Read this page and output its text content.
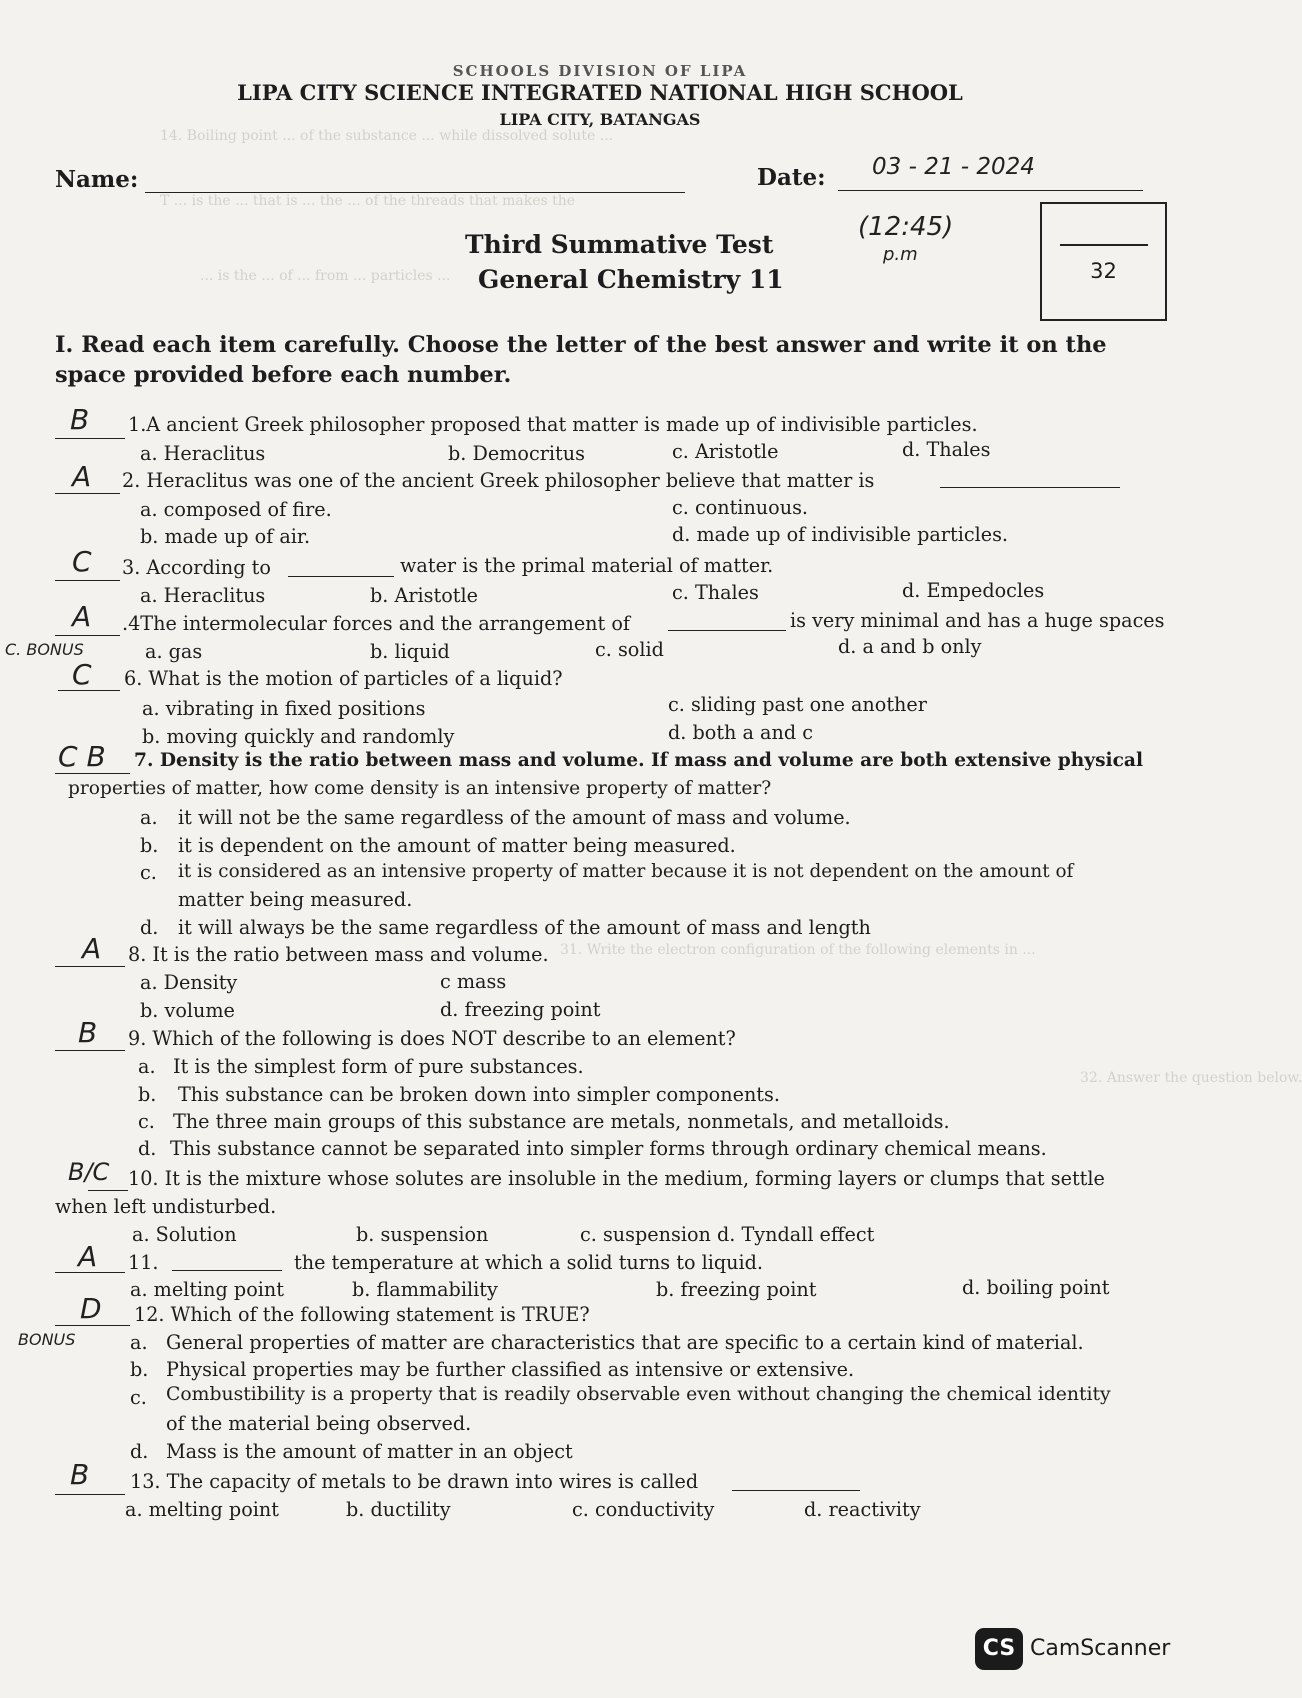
14. Boiling point ... of the substance ... while dissolved solute ...
T ... is the ... that is ... the ... of the threads that makes the
... is the ... of ... from ... particles ...
31. Write the electron configuration of the following elements in ...
32. Answer the question below.
SCHOOLS DIVISION OF LIPA
LIPA CITY SCIENCE INTEGRATED NATIONAL HIGH SCHOOL
LIPA CITY, BATANGAS
Name:	Date: 03 - 21 - 2024
Third Summative Test
General Chemistry 11
(12:45)
p.m
32
I. Read each item carefully. Choose the letter of the best answer and write it on the
space provided before each number.
B 1.A ancient Greek philosopher proposed that matter is made up of indivisible particles.
a. Heraclitus	b. Democritus	c. Aristotle	d. Thales
A 2. Heraclitus was one of the ancient Greek philosopher believe that matter is
a. composed of fire.	c. continuous.
b. made up of air.	d. made up of indivisible particles.
C 3. According to	water is the primal material of matter.
a. Heraclitus	b. Aristotle	c. Thales	d. Empedocles
A
C. BONUS
.4The intermolecular forces and the arrangement of	is very minimal and has a huge spaces
a. gas	b. liquid	c. solid	d. a and b only
C 6. What is the motion of particles of a liquid?
a. vibrating in fixed positions	c. sliding past one another
b. moving quickly and randomly	d. both a and c
C B 7. Density is the ratio between mass and volume. If mass and volume are both extensive physical
properties of matter, how come density is an intensive property of matter?
a. it will not be the same regardless of the amount of mass and volume.
b. it is dependent on the amount of matter being measured.
c. it is considered as an intensive property of matter because it is not dependent on the amount of
matter being measured.
d. it will always be the same regardless of the amount of mass and length
A 8. It is the ratio between mass and volume.
a. Density	c mass
b. volume	d. freezing point
B 9. Which of the following is does NOT describe to an element?
a. It is the simplest form of pure substances.
b. This substance can be broken down into simpler components.
c. The three main groups of this substance are metals, nonmetals, and metalloids.
d. This substance cannot be separated into simpler forms through ordinary chemical means.
B/C 10. It is the mixture whose solutes are insoluble in the medium, forming layers or clumps that settle
when left undisturbed.
a. Solution	b. suspension	c. suspension d. Tyndall effect
A 11.	the temperature at which a solid turns to liquid.
a. melting point	b. flammability	b. freezing point	d. boiling point
D
BONUS
12. Which of the following statement is TRUE?
a. General properties of matter are characteristics that are specific to a certain kind of material.
b. Physical properties may be further classified as intensive or extensive.
c. Combustibility is a property that is readily observable even without changing the chemical identity
of the material being observed.
d. Mass is the amount of matter in an object
B 13. The capacity of metals to be drawn into wires is called
a. melting point	b. ductility	c. conductivity	d. reactivity
CS CamScanner
